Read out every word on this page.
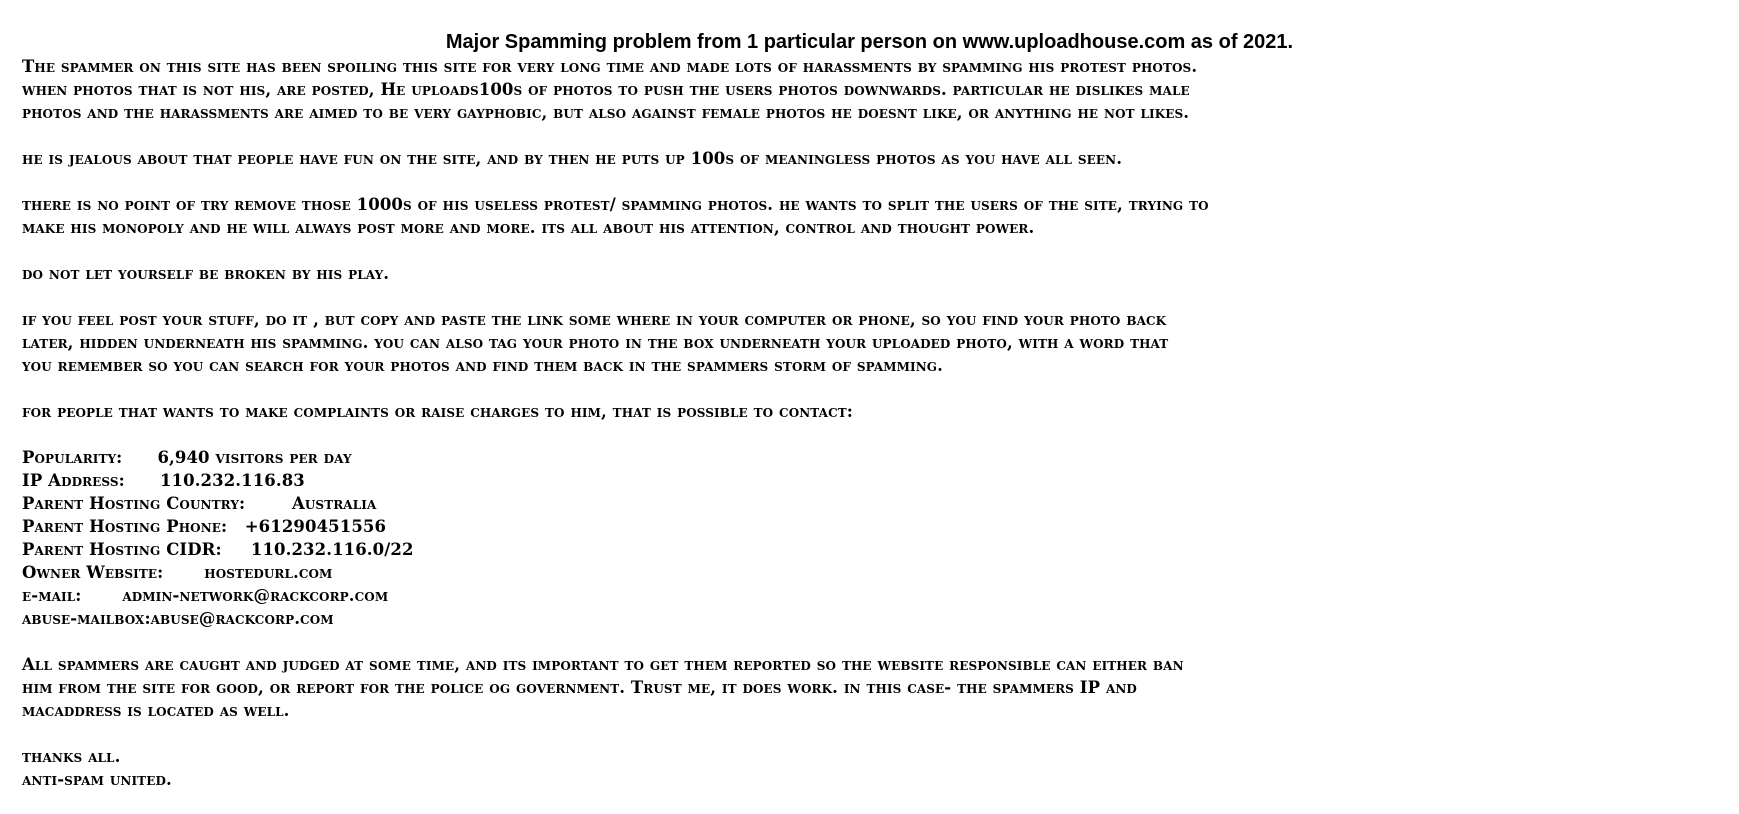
Major Spamming problem from 1 particular person on www.uploadhouse.com as of 2021.
The spammer on this site has been spoiling this site for very long time and made lots of harassments by spamming his protest photos.
when photos that is not his, are posted, He uploads100s of photos to push the users photos downwards. particular he dislikes male
photos and the harassments are aimed to be very gayphobic, but also against female photos he doesnt like, or anything he not likes.
he is jealous about that people have fun on the site, and by then he puts up 100s of meaningless photos as you have all seen.
there is no point of try remove those 1000s of his useless protest/ spamming photos. he wants to split the users of the site, trying to
make his monopoly and he will always post more and more. its all about his attention, control and thought power.
do not let yourself be broken by his play.
if you feel post your stuff, do it , but copy and paste the link some where in your computer or phone, so you find your photo back
later, hidden underneath his spamming. you can also tag your photo in the box underneath your uploaded photo, with a word that
you remember so you can search for your photos and find them back in the spammers storm of spamming.
for people that wants to make complaints or raise charges to him, that is possible to contact:
Popularity: 6,940 visitors per day
IP Address: 110.232.116.83
Parent Hosting Country:	Australia
Parent Hosting Phone: +61290451556
Parent Hosting CIDR: 110.232.116.0/22
Owner Website: hostedurl.com
e-mail: admin-network@rackcorp.com
abuse-mailbox:abuse@rackcorp.com
All spammers are caught and judged at some time, and its important to get them reported so the website responsible can either ban
him from the site for good, or report for the police og government. Trust me, it does work. in this case- the spammers IP and
macaddress is located as well.
thanks all.
anti-spam united.
